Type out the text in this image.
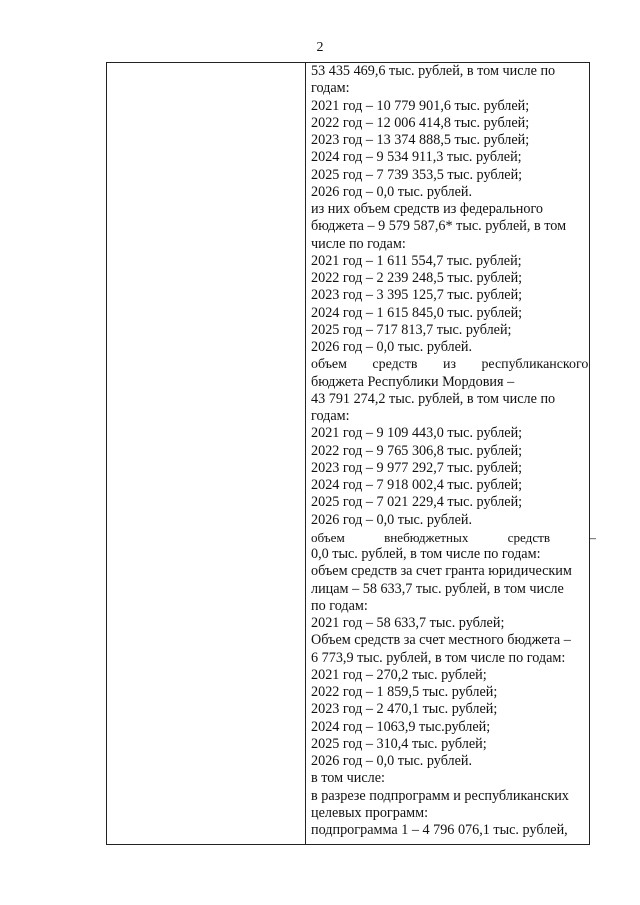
2
53 435 469,6 тыс. рублей, в том числе по
годам:
2021 год – 10 779 901,6 тыс. рублей;
2022 год – 12 006 414,8 тыс. рублей;
2023 год – 13 374 888,5 тыс. рублей;
2024 год – 9 534 911,3 тыс. рублей;
2025 год – 7 739 353,5 тыс. рублей;
2026 год – 0,0 тыс. рублей.
из них объем средств из федерального
бюджета – 9 579 587,6* тыс. рублей, в том
числе по годам:
2021 год – 1 611 554,7 тыс. рублей;
2022 год – 2 239 248,5 тыс. рублей;
2023 год – 3 395 125,7 тыс. рублей;
2024 год – 1 615 845,0 тыс. рублей;
2025 год – 717 813,7 тыс. рублей;
2026 год – 0,0 тыс. рублей.
объем средств из республиканского
бюджета Республики Мордовия –
43 791 274,2 тыс. рублей, в том числе по
годам:
2021 год – 9 109 443,0 тыс. рублей;
2022 год – 9 765 306,8 тыс. рублей;
2023 год – 9 977 292,7 тыс. рублей;
2024 год – 7 918 002,4 тыс. рублей;
2025 год – 7 021 229,4 тыс. рублей;
2026 год – 0,0 тыс. рублей.
объем внебюджетных средств –
0,0 тыс. рублей, в том числе по годам:
объем средств за счет гранта юридическим
лицам – 58 633,7 тыс. рублей, в том числе
по годам:
2021 год – 58 633,7 тыс. рублей;
Объем средств за счет местного бюджета –
6 773,9 тыс. рублей, в том числе по годам:
2021 год – 270,2 тыс. рублей;
2022 год – 1 859,5 тыс. рублей;
2023 год – 2 470,1 тыс. рублей;
2024 год – 1063,9 тыс.рублей;
2025 год – 310,4 тыс. рублей;
2026 год – 0,0 тыс. рублей.
в том числе:
в разрезе подпрограмм и республиканских
целевых программ:
подпрограмма 1 – 4 796 076,1 тыс. рублей,
